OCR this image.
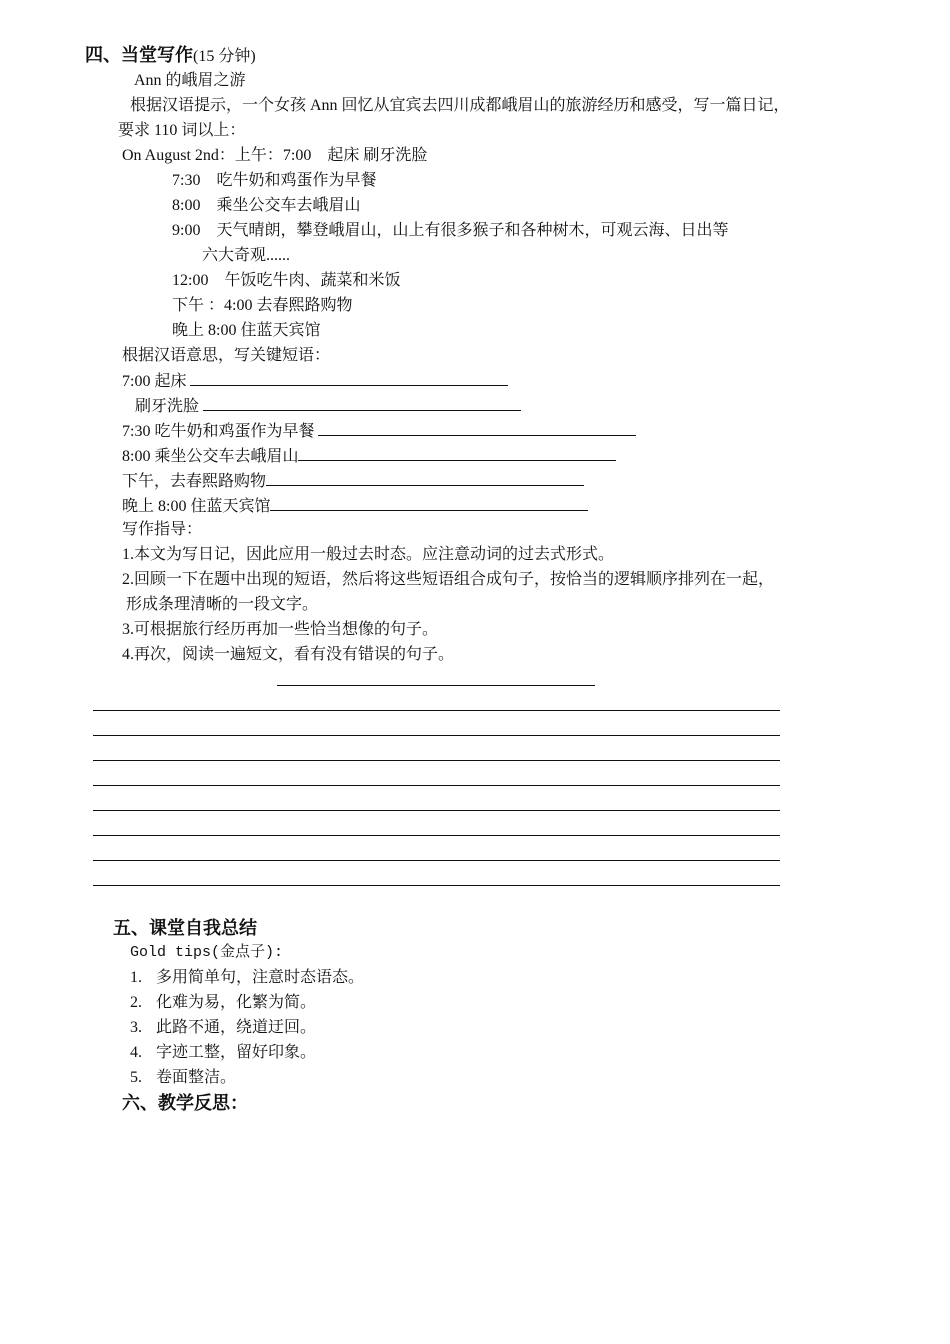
四、当堂写作(15 分钟)
Ann 的峨眉之游
根据汉语提示，一个女孩 Ann 回忆从宜宾去四川成都峨眉山的旅游经历和感受，写一篇日记，
要求 110 词以上：
On August 2nd：上午：7:00　起床 刷牙洗脸
7:30　吃牛奶和鸡蛋作为早餐
8:00　乘坐公交车去峨眉山
9:00　天气晴朗，攀登峨眉山，山上有很多猴子和各种树木，可观云海、日出等
六大奇观......
12:00　午饭吃牛肉、蔬菜和米饭
下午 ：4:00 去春熙路购物
晚上 8:00 住蓝天宾馆
根据汉语意思，写关键短语：
7:00 起床
刷牙洗脸
7:30 吃牛奶和鸡蛋作为早餐
8:00 乘坐公交车去峨眉山
下午，去春熙路购物
晚上 8:00 住蓝天宾馆
写作指导：
1.本文为写日记，因此应用一般过去时态。应注意动词的过去式形式。
2.回顾一下在题中出现的短语，然后将这些短语组合成句子，按恰当的逻辑顺序排列在一起，
形成条理清晰的一段文字。
3.可根据旅行经历再加一些恰当想像的句子。
4.再次，阅读一遍短文，看有没有错误的句子。
五、课堂自我总结
Gold tips(金点子):
1. 多用简单句，注意时态语态。
2. 化难为易，化繁为简。
3. 此路不通，绕道迂回。
4. 字迹工整，留好印象。
5. 卷面整洁。
六、教学反思：
